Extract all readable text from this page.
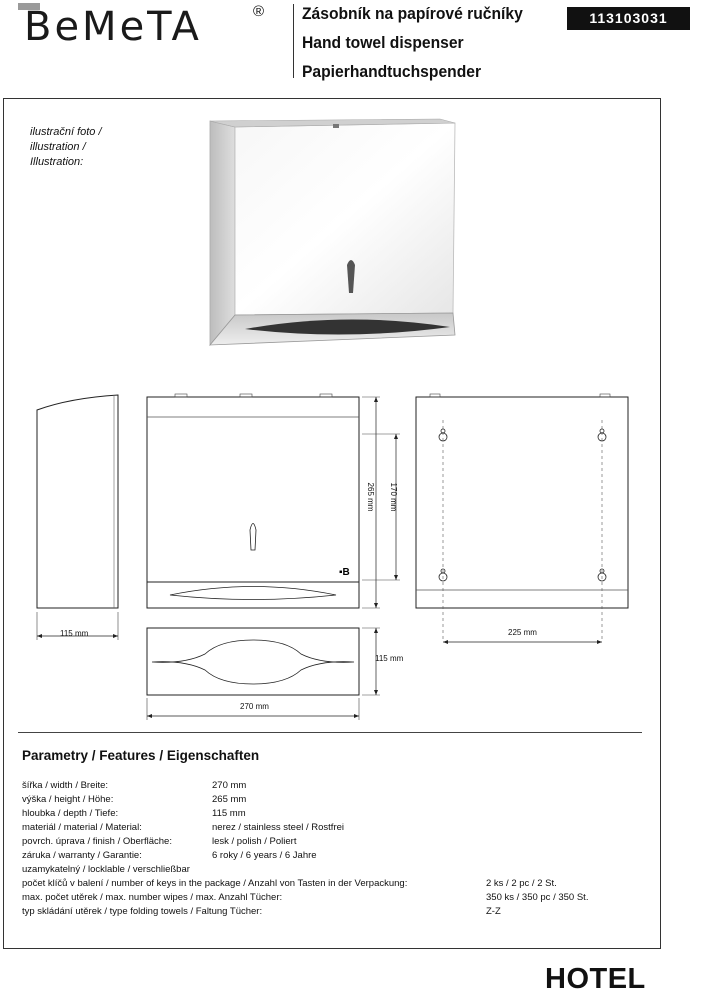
BeMeTA	® Zásobník na papírové ručníky
Hand towel dispenser
Papierhandtuchspender
113103031
ilustrační foto /
illustration /
Illustration:
115 mm
▪B
265 mm 170 mm
225 mm
115 mm
270 mm
Parametry / Features / Eigenschaften
šířka / width / Breite:	270 mm
výška / height / Höhe:	265 mm
hloubka / depth / Tiefe:	115 mm
materiál / material / Material:	nerez / stainless steel / Rostfrei
povrch. úprava / finish / Oberfläche:	lesk / polish / Poliert
záruka / warranty / Garantie:	6 roky / 6 years / 6 Jahre
uzamykatelný / locklable / verschließbar
počet klíčů v balení / number of keys in the package / Anzahl von Tasten in der Verpackung:	2 ks / 2 pc / 2 St.
max. počet utěrek / max. number wipes / max. Anzahl Tücher:	350 ks / 350 pc / 350 St.
typ skládání utěrek / type folding towels / Faltung Tücher:	Z-Z
HOTEL
